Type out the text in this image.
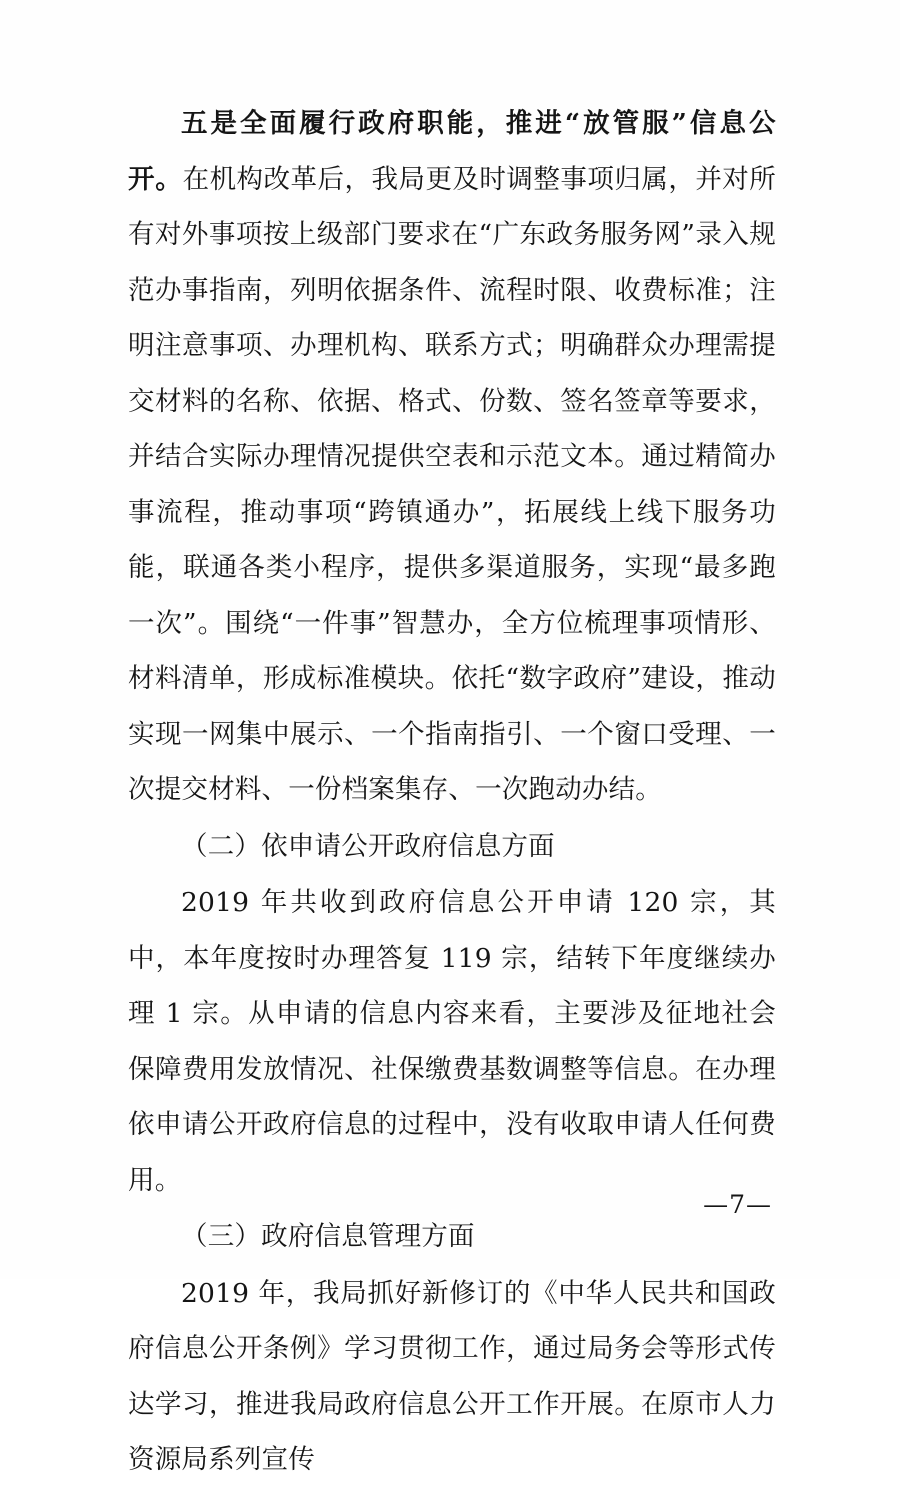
五是全面履行政府职能，推进“放管服”信息公开。在机构改革后，我局更及时调整事项归属，并对所有对外事项按上级部门要求在“广东政务服务网”录入规范办事指南，列明依据条件、流程时限、收费标准；注明注意事项、办理机构、联系方式；明确群众办理需提交材料的名称、依据、格式、份数、签名签章等要求，并结合实际办理情况提供空表和示范文本。通过精简办事流程，推动事项“跨镇通办”，拓展线上线下服务功能，联通各类小程序，提供多渠道服务，实现“最多跑一次”。围绕“一件事”智慧办，全方位梳理事项情形、材料清单，形成标准模块。依托“数字政府”建设，推动实现一网集中展示、一个指南指引、一个窗口受理、一次提交材料、一份档案集存、一次跑动办结。

（二）依申请公开政府信息方面

2019 年共收到政府信息公开申请 120 宗，其中，本年度按时办理答复 119 宗，结转下年度继续办理 1 宗。从申请的信息内容来看，主要涉及征地社会保障费用发放情况、社保缴费基数调整等信息。在办理依申请公开政府信息的过程中，没有收取申请人任何费用。

（三）政府信息管理方面

2019 年，我局抓好新修订的《中华人民共和国政府信息公开条例》学习贯彻工作，通过局务会等形式传达学习，推进我局政府信息公开工作开展。在原市人力资源局系列宣传

—7—
